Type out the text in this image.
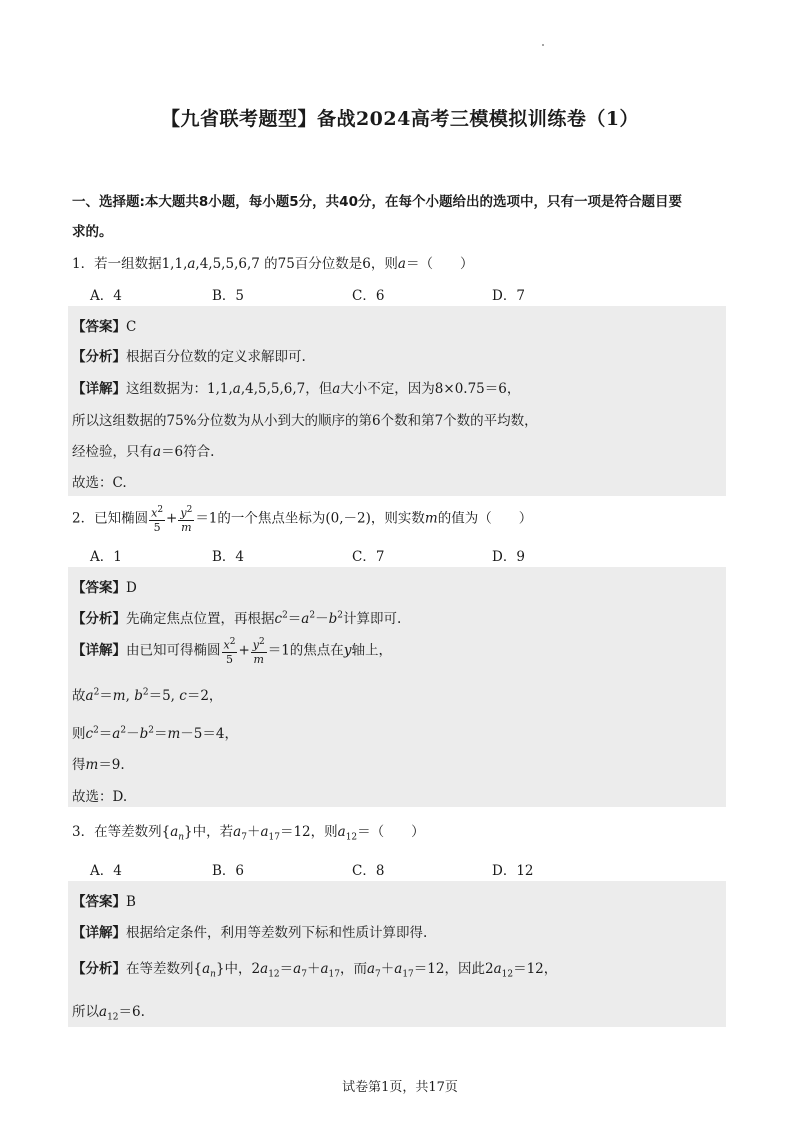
【九省联考题型】备战2024高考三模模拟训练卷（1）
一、选择题:本大题共8小题，每小题5分，共40分，在每个小题给出的选项中，只有一项是符合题目要
求的。
1．若一组数据1,1,a,4,5,5,6,7 的75百分位数是6，则a＝（　　）
A．4	B．5	C．6	D．7
【答案】C
【分析】根据百分位数的定义求解即可.
【详解】这组数据为：1,1,a,4,5,5,6,7，但a大小不定，因为8×0.75＝6，
所以这组数据的75%分位数为从小到大的顺序的第6个数和第7个数的平均数，
经检验，只有a＝6符合.
故选：C.
2．已知椭圆 $\frac{x^2}{5} + \frac{y^2}{m} =1$的一个焦点坐标为(0,－2)，则实数m的值为（　　）
A．1	B．4	C．7	D．9
【答案】D
【分析】先确定焦点位置，再根据$c^2=a^2-b^2$计算即可.
【详解】由已知可得椭圆 $\frac{x^2}{5} + \frac{y^2}{m} =1$的焦点在y轴上，
故$a^2=m$, $b^2=5$, c＝2，
则$c^2=a^2-b^2=m-5=4$，
得m＝9.
故选：D.
3．在等差数列$\{a_n\}$中，若$a_7+a_{17}=12$，则$a_{12}=$（　　）
A．4	B．6	C．8	D．12
【答案】B
【详解】根据给定条件，利用等差数列下标和性质计算即得.
【分析】在等差数列$\{a_n\}$中，$2a_{12}=a_7+a_{17}$，而$a_7+a_{17}=12$，因此$2a_{12}=12$，
所以$a_{12}=6$.
试卷第1页，共17页
